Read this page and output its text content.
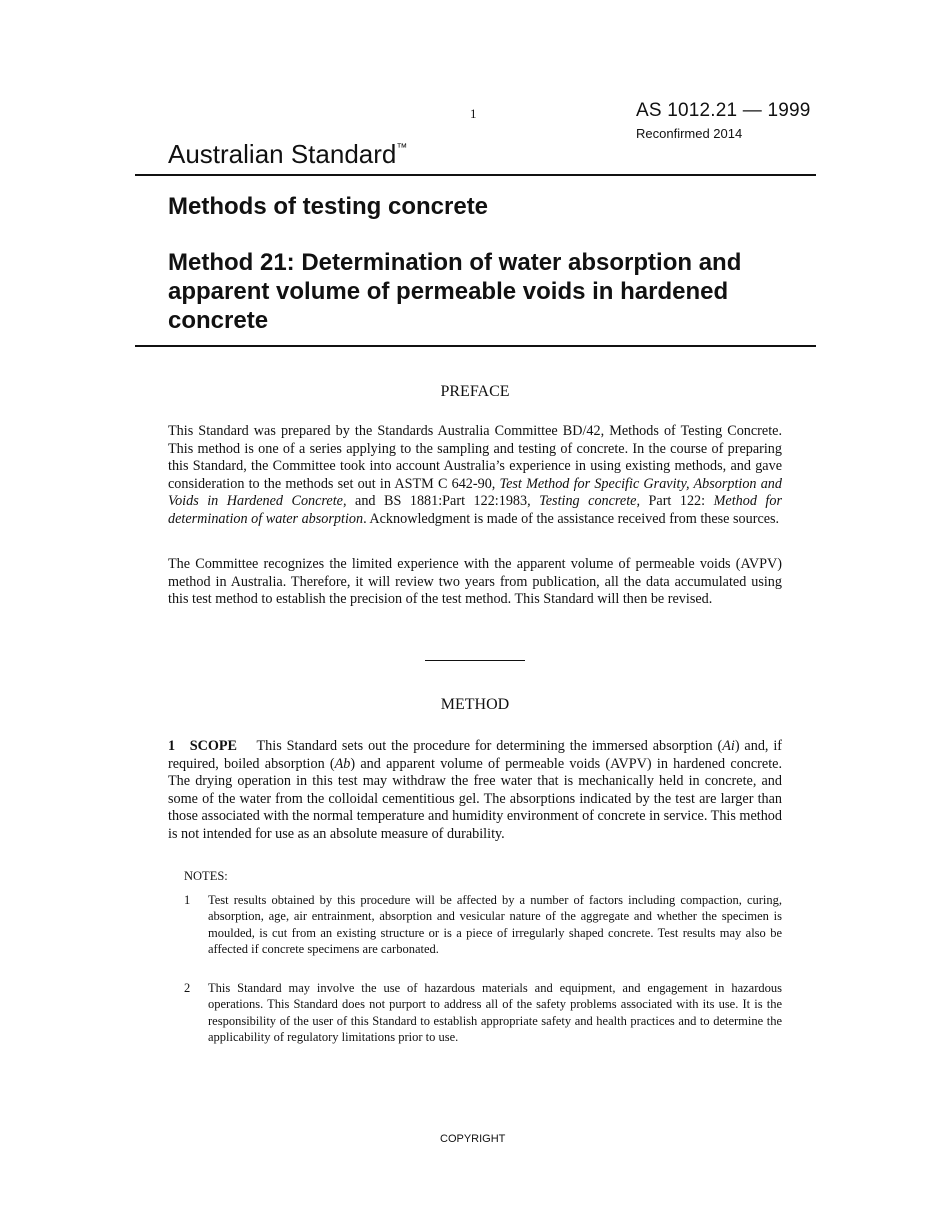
1	AS 1012.21 — 1999
Reconfirmed 2014
Australian Standard™
Methods of testing concrete
Method 21: Determination of water absorption and apparent volume of permeable voids in hardened concrete
PREFACE
This Standard was prepared by the Standards Australia Committee BD/42, Methods of Testing Concrete. This method is one of a series applying to the sampling and testing of concrete. In the course of preparing this Standard, the Committee took into account Australia’s experience in using existing methods, and gave consideration to the methods set out in ASTM C 642-90, Test Method for Specific Gravity, Absorption and Voids in Hardened Concrete, and BS 1881:Part 122:1983, Testing concrete, Part 122: Method for determination of water absorption. Acknowledgment is made of the assistance received from these sources.
The Committee recognizes the limited experience with the apparent volume of permeable voids (AVPV) method in Australia. Therefore, it will review two years from publication, all the data accumulated using this test method to establish the precision of the test method. This Standard will then be revised.
METHOD
1 SCOPE This Standard sets out the procedure for determining the immersed absorption (Ai) and, if required, boiled absorption (Ab) and apparent volume of permeable voids (AVPV) in hardened concrete. The drying operation in this test may withdraw the free water that is mechanically held in concrete, and some of the water from the colloidal cementitious gel. The absorptions indicated by the test are larger than those associated with the normal temperature and humidity environment of concrete in service. This method is not intended for use as an absolute measure of durability.
NOTES:
1 Test results obtained by this procedure will be affected by a number of factors including compaction, curing, absorption, age, air entrainment, absorption and vesicular nature of the aggregate and whether the specimen is moulded, is cut from an existing structure or is a piece of irregularly shaped concrete. Test results may also be affected if concrete specimens are carbonated.
2 This Standard may involve the use of hazardous materials and equipment, and engagement in hazardous operations. This Standard does not purport to address all of the safety problems associated with its use. It is the responsibility of the user of this Standard to establish appropriate safety and health practices and to determine the applicability of regulatory limitations prior to use.
COPYRIGHT
